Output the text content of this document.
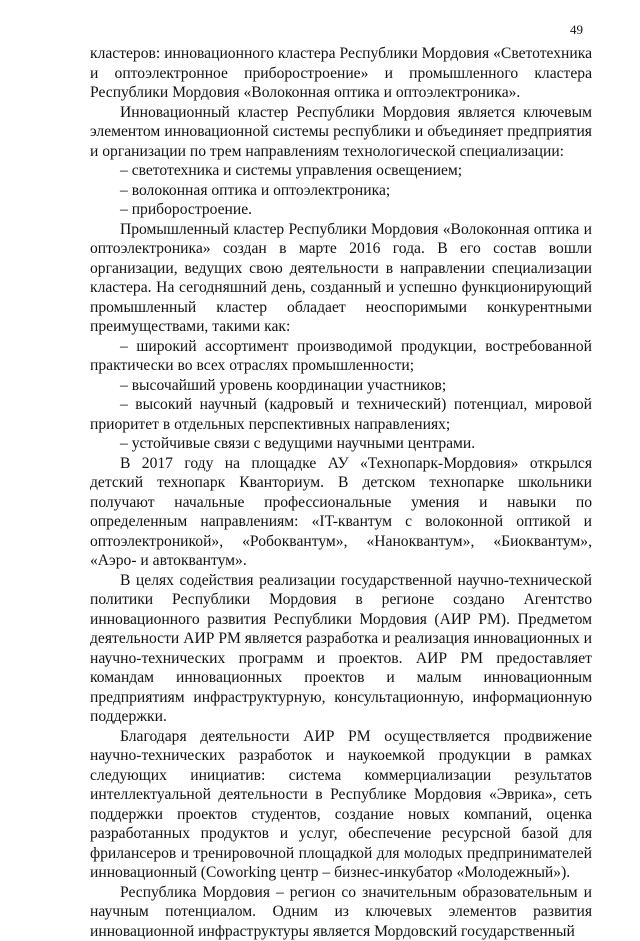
49

кластеров: инновационного кластера Республики Мордовия «Светотехника и оптоэлектронное приборостроение» и промышленного кластера Республики Мордовия «Волоконная оптика и оптоэлектроника».

Инновационный кластер Республики Мордовия является ключевым элементом инновационной системы республики и объединяет предприятия и организации по трем направлениям технологической специализации:

– светотехника и системы управления освещением;

– волоконная оптика и оптоэлектроника;

– приборостроение.

Промышленный кластер Республики Мордовия «Волоконная оптика и оптоэлектроника» создан в марте 2016 года. В его состав вошли организации, ведущих свою деятельности в направлении специализации кластера. На сегодняшний день, созданный и успешно функционирующий промышленный кластер обладает неоспоримыми конкурентными преимуществами, такими как:

– широкий ассортимент производимой продукции, востребованной практически во всех отраслях промышленности;

– высочайший уровень координации участников;

– высокий научный (кадровый и технический) потенциал, мировой приоритет в отдельных перспективных направлениях;

– устойчивые связи с ведущими научными центрами.

В 2017 году на площадке АУ «Технопарк-Мордовия» открылся детский технопарк Кванториум. В детском технопарке школьники получают начальные профессиональные умения и навыки по определенным направлениям: «IT-квантум с волоконной оптикой и оптоэлектроникой», «Робоквантум», «Наноквантум», «Биоквантум», «Аэро- и автоквантум».

В целях содействия реализации государственной научно-технической политики Республики Мордовия в регионе создано Агентство инновационного развития Республики Мордовия (АИР РМ). Предметом деятельности АИР РМ является разработка и реализация инновационных и научно-технических программ и проектов. АИР РМ предоставляет командам инновационных проектов и малым инновационным предприятиям инфраструктурную, консультационную, информационную поддержки.

Благодаря деятельности АИР РМ осуществляется продвижение научно-технических разработок и наукоемкой продукции в рамках следующих инициатив: система коммерциализации результатов интеллектуальной деятельности в Республике Мордовия «Эврика», сеть поддержки проектов студентов, создание новых компаний, оценка разработанных продуктов и услуг, обеспечение ресурсной базой для фрилансеров и тренировочной площадкой для молодых предпринимателей инновационный (Coworking центр – бизнес-инкубатор «Молодежный»).

Республика Мордовия – регион со значительным образовательным и научным потенциалом. Одним из ключевых элементов развития инновационной инфраструктуры является Мордовский государственный
